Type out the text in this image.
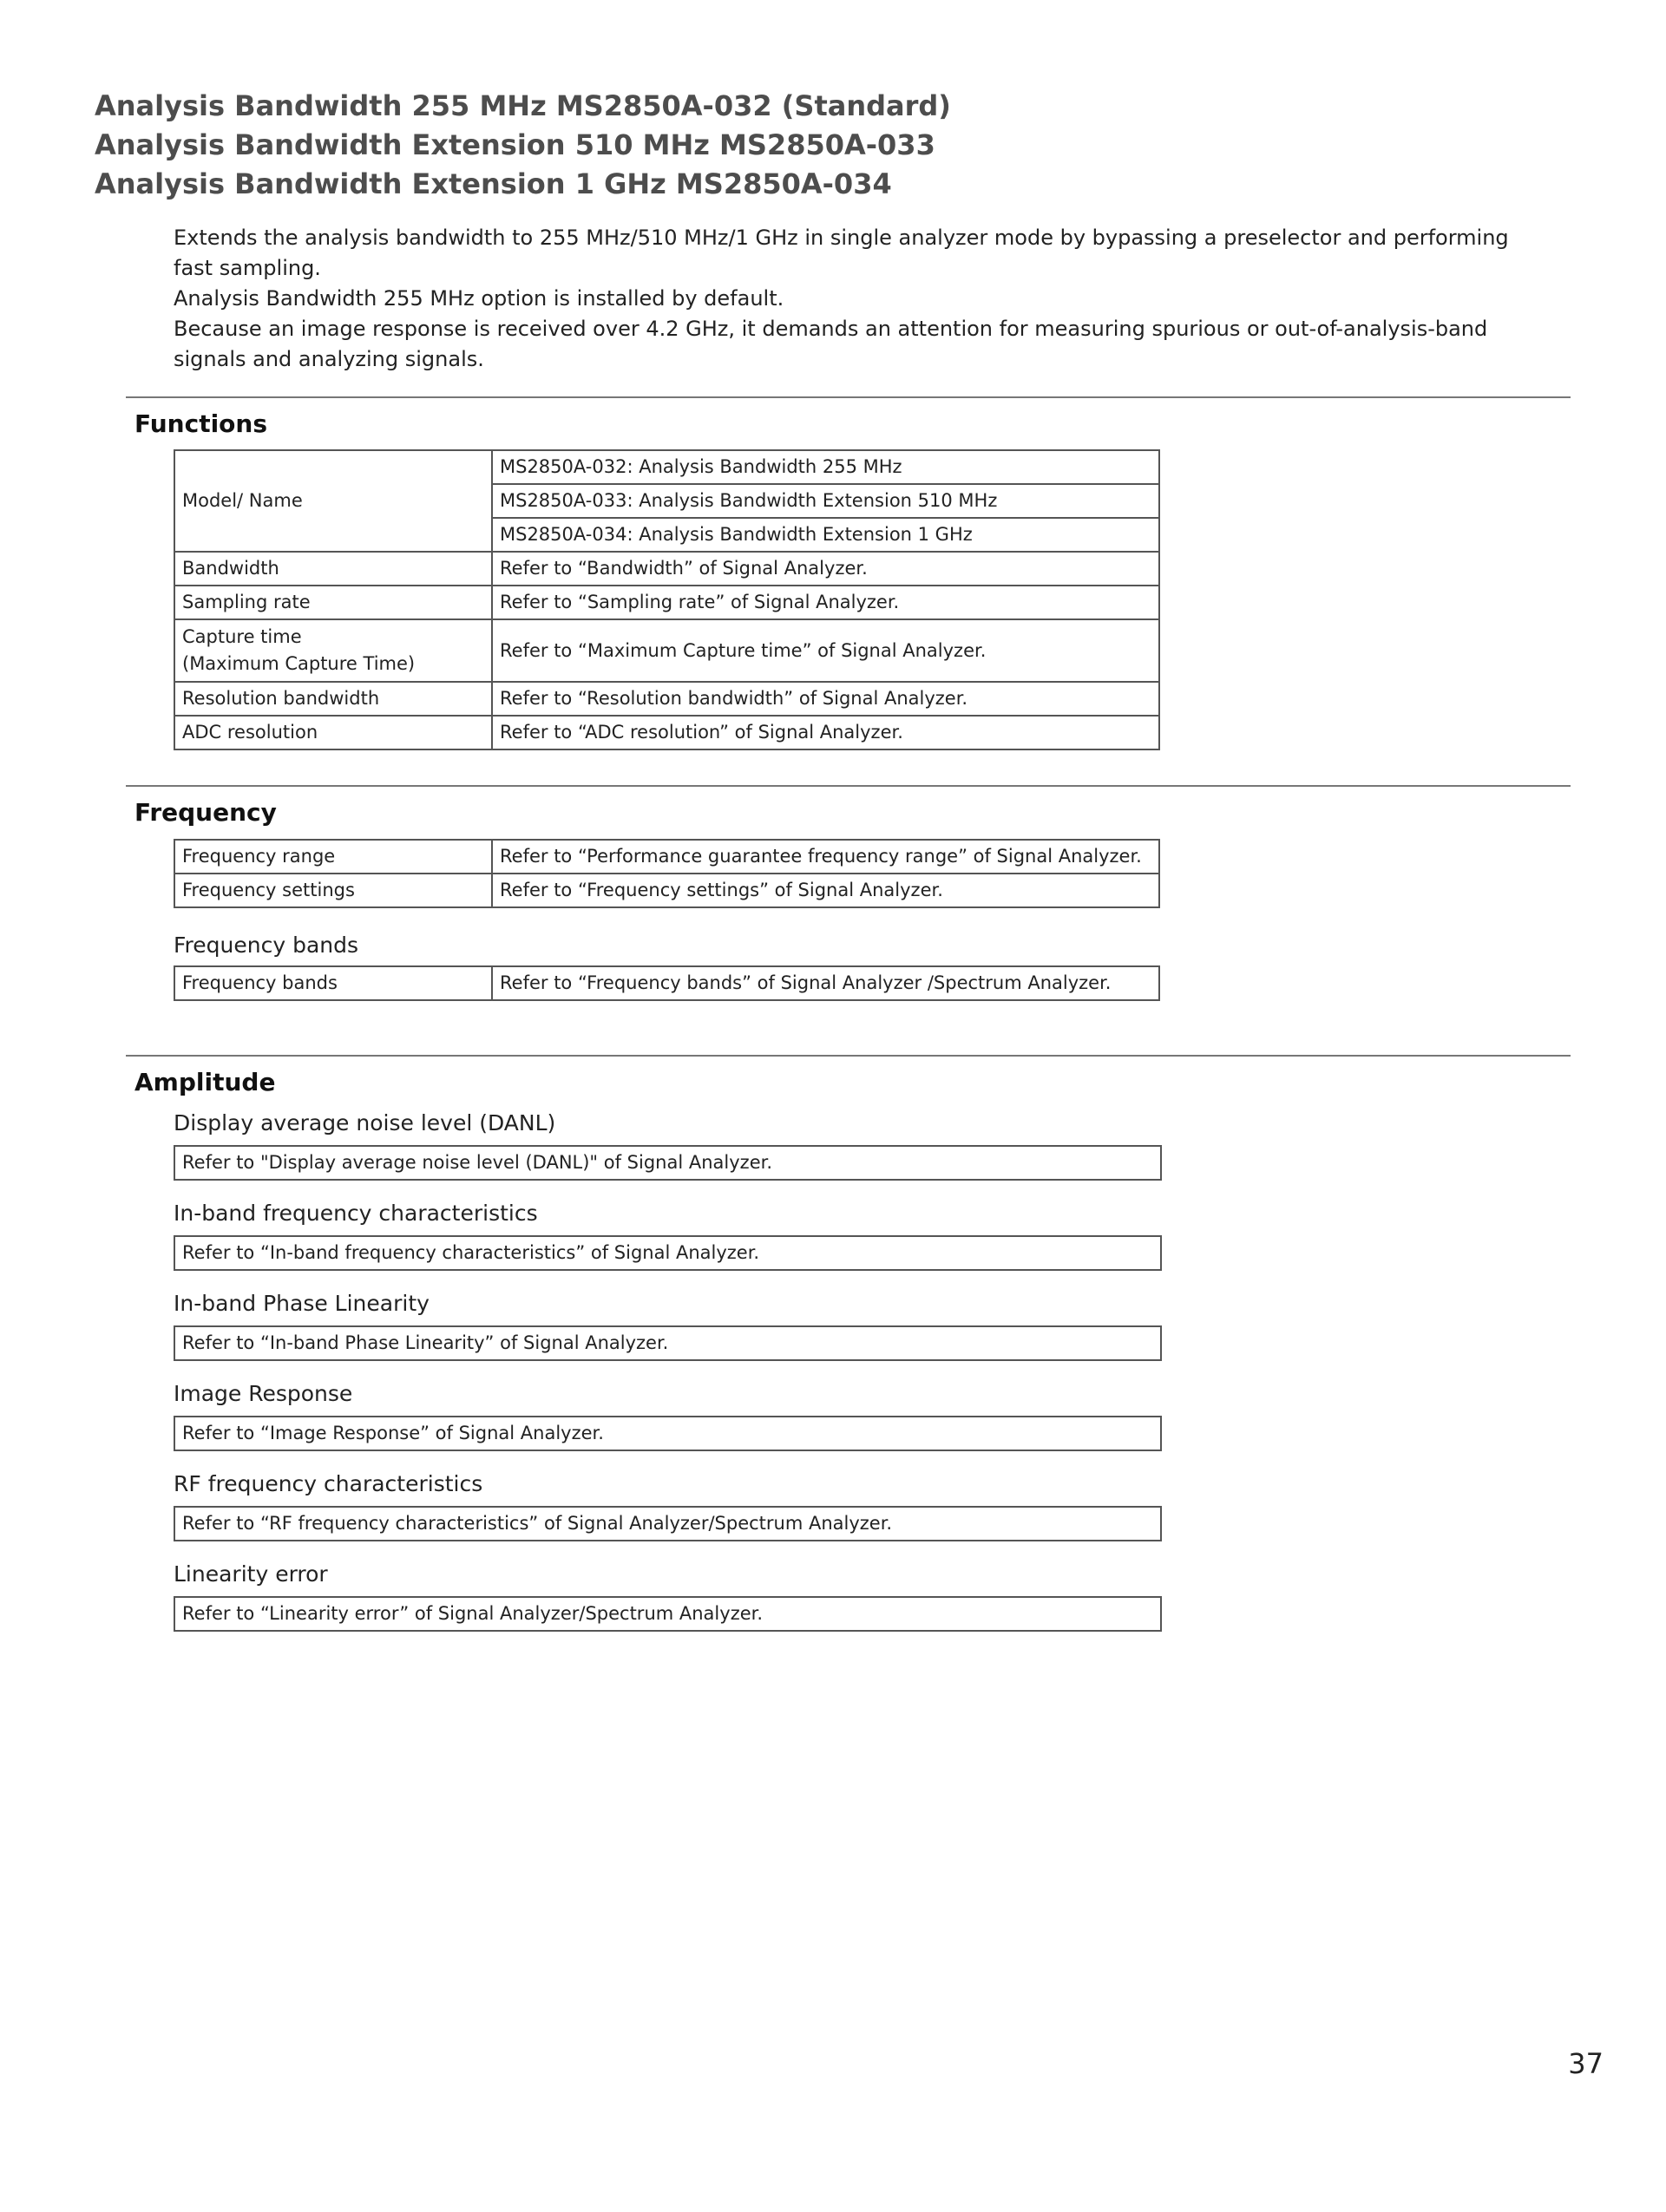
Analysis Bandwidth 255 MHz MS2850A-032 (Standard)
Analysis Bandwidth Extension 510 MHz MS2850A-033
Analysis Bandwidth Extension 1 GHz MS2850A-034

Extends the analysis bandwidth to 255 MHz/510 MHz/1 GHz in single analyzer mode by bypassing a preselector and performing fast sampling.

Analysis Bandwidth 255 MHz option is installed by default.

Because an image response is received over 4.2 GHz, it demands an attention for measuring spurious or out-of-analysis-band signals and analyzing signals.

Functions
Model/ Name	MS2850A-032: Analysis Bandwidth 255 MHz
	MS2850A-033: Analysis Bandwidth Extension 510 MHz
	MS2850A-034: Analysis Bandwidth Extension 1 GHz
Bandwidth	Refer to “Bandwidth” of Signal Analyzer.
Sampling rate	Refer to “Sampling rate” of Signal Analyzer.

Capture time
(Maximum Capture Time)	Refer to “Maximum Capture time” of Signal Analyzer.
Resolution bandwidth	Refer to “Resolution bandwidth” of Signal Analyzer.
ADC resolution	Refer to “ADC resolution” of Signal Analyzer.
Frequency
Frequency range	Refer to “Performance guarantee frequency range” of Signal Analyzer.
Frequency settings	Refer to “Frequency settings” of Signal Analyzer.
Frequency bands
Frequency bands	Refer to “Frequency bands” of Signal Analyzer /Spectrum Analyzer.
Amplitude
Display average noise level (DANL)
Refer to "Display average noise level (DANL)" of Signal Analyzer.
In-band frequency characteristics
Refer to “In-band frequency characteristics” of Signal Analyzer.
In-band Phase Linearity
Refer to “In-band Phase Linearity” of Signal Analyzer.
Image Response
Refer to “Image Response” of Signal Analyzer.
RF frequency characteristics
Refer to “RF frequency characteristics” of Signal Analyzer/Spectrum Analyzer.
Linearity error
Refer to “Linearity error” of Signal Analyzer/Spectrum Analyzer.
37
